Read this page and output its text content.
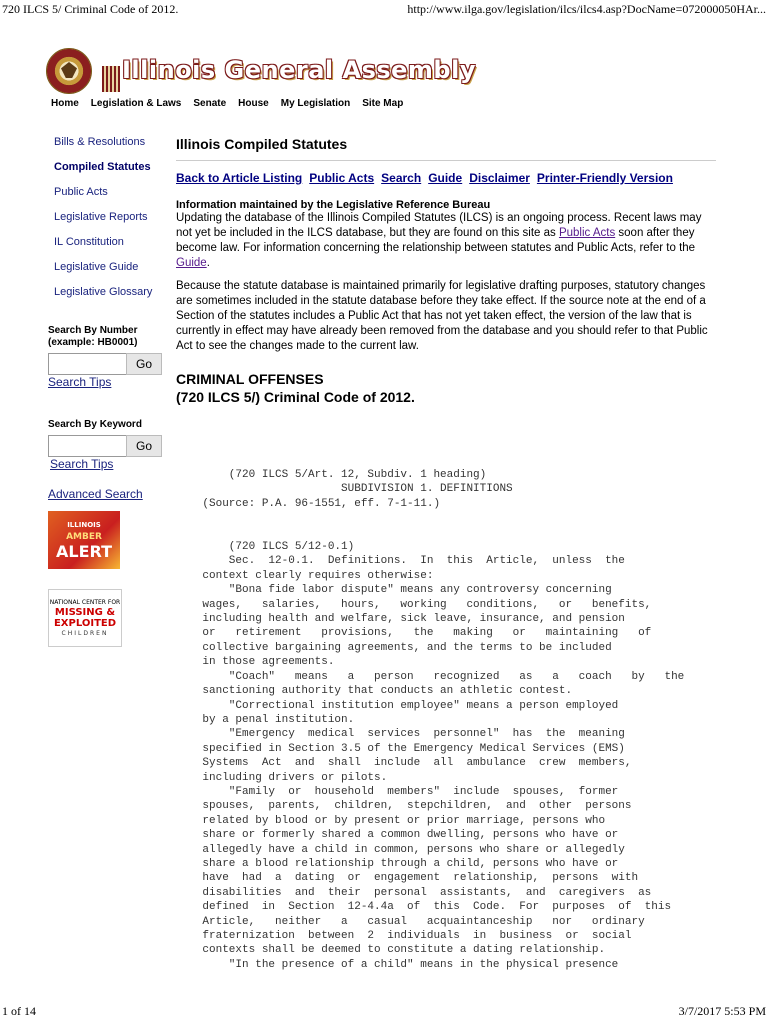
720 ILCS 5/ Criminal Code of 2012.	http://www.ilga.gov/legislation/ilcs/ilcs4.asp?DocName=072000050HAr...
Illinois General Assembly
Home Legislation & Laws Senate House My Legislation Site Map
Bills & Resolutions
Compiled Statutes
Public Acts
Legislative Reports
IL Constitution
Legislative Guide
Legislative Glossary
Search By Number
(example: HB0001)
Go
Search Tips
Search By Keyword
Go
Search Tips
Advanced Search
ILLINOIS
AMBER
ALERT
NATIONAL CENTER FOR
MISSING &
EXPLOITED
CHILDREN
Illinois Compiled Statutes
Back to Article Listing Public Acts Search Guide Disclaimer Printer-Friendly Version
Information maintained by the Legislative Reference Bureau

Updating the database of the Illinois Compiled Statutes (ILCS) is an ongoing process. Recent laws may not yet be included in the ILCS database, but they are found on this site as Public Acts soon after they become law. For information concerning the relationship between statutes and Public Acts, refer to the Guide.

Because the statute database is maintained primarily for legislative drafting purposes, statutory changes are sometimes included in the statute database before they take effect. If the source note at the end of a Section of the statutes includes a Public Act that has not yet taken effect, the version of the law that is currently in effect may have already been removed from the database and you should refer to that Public Act to see the changes made to the current law.

CRIMINAL OFFENSES
(720 ILCS 5/) Criminal Code of 2012.
(720 ILCS 5/Art. 12, Subdiv. 1 heading)
SUBDIVISION 1. DEFINITIONS
(Source: P.A. 96-1551, eff. 7-1-11.)

(720 ILCS 5/12-0.1)
Sec.  12-0.1.  Definitions.  In  this  Article,  unless  the
context clearly requires otherwise:
"Bona fide labor dispute" means any controversy concerning
wages,   salaries,   hours,   working   conditions,   or   benefits,
including health and welfare, sick leave, insurance, and pension
or   retirement   provisions,   the   making   or   maintaining   of
collective bargaining agreements, and the terms to be included
in those agreements.
"Coach"   means   a   person   recognized   as   a   coach   by   the
sanctioning authority that conducts an athletic contest.
"Correctional institution employee" means a person employed
by a penal institution.
"Emergency  medical  services  personnel"  has  the  meaning
specified in Section 3.5 of the Emergency Medical Services (EMS)
Systems  Act  and  shall  include  all  ambulance  crew  members,
including drivers or pilots.
"Family  or  household  members"  include  spouses,  former
spouses,  parents,  children,  stepchildren,  and  other  persons
related by blood or by present or prior marriage, persons who
share or formerly shared a common dwelling, persons who have or
allegedly have a child in common, persons who share or allegedly
share a blood relationship through a child, persons who have or
have  had  a  dating  or  engagement  relationship,  persons  with
disabilities  and  their  personal  assistants,  and  caregivers  as
defined  in  Section  12-4.4a  of  this  Code.  For  purposes  of  this
Article,   neither   a   casual   acquaintanceship   nor   ordinary
fraternization  between  2  individuals  in  business  or  social
contexts shall be deemed to constitute a dating relationship.
"In the presence of a child" means in the physical presence
1 of 14	3/7/2017 5:53 PM
